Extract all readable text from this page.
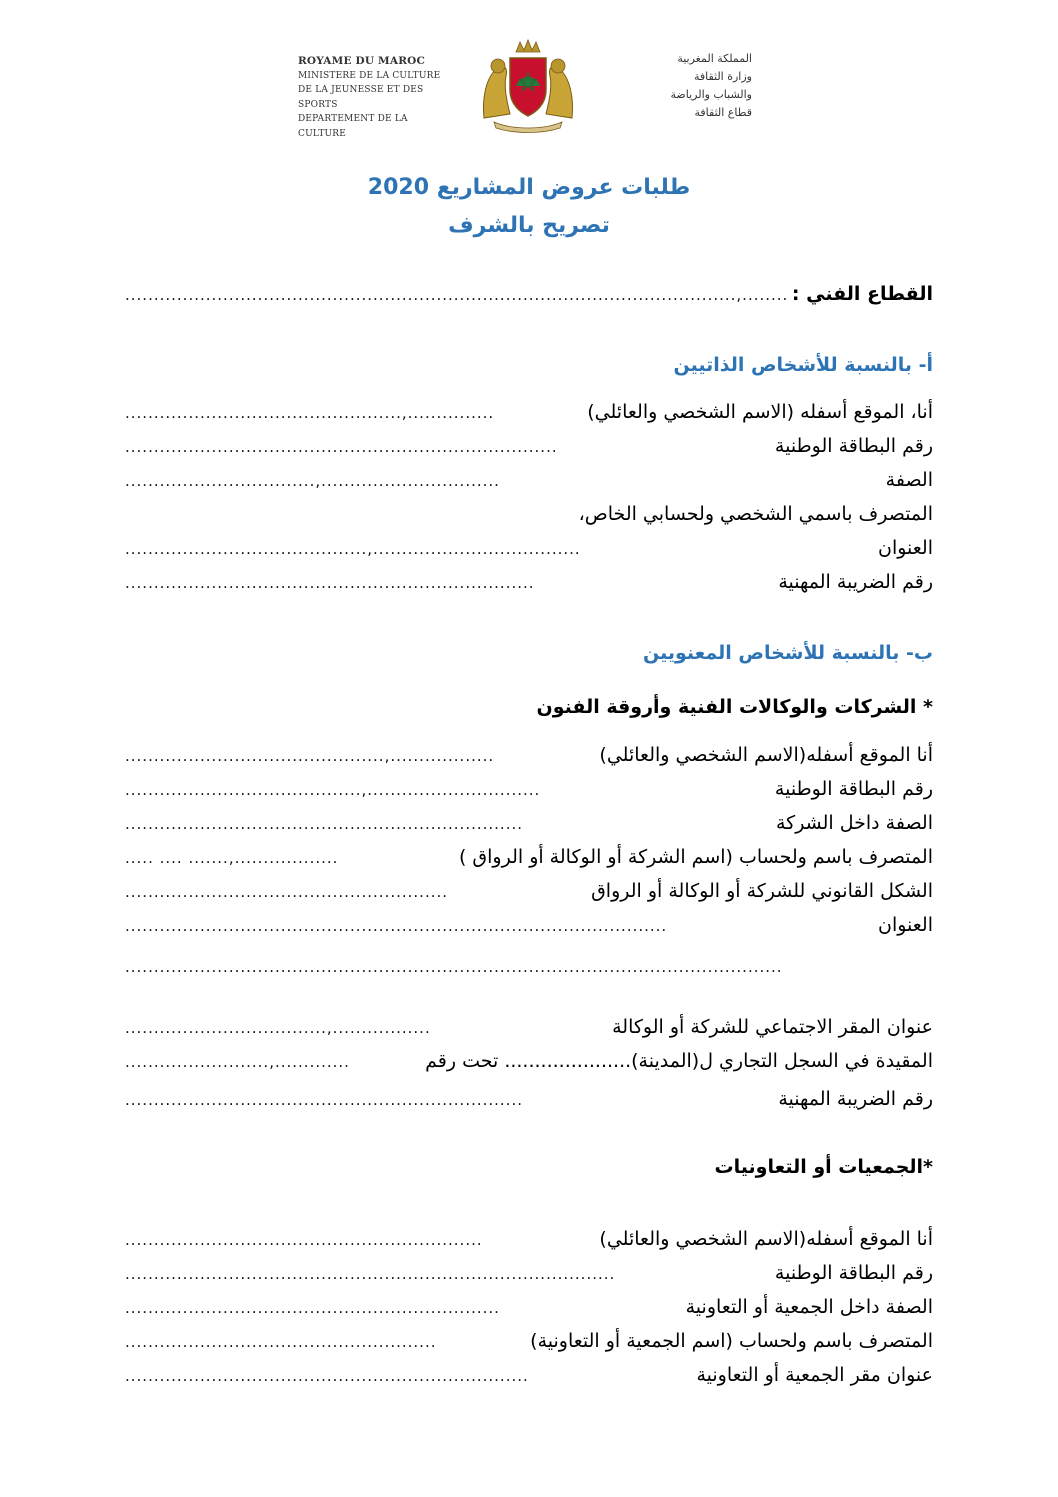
ROYAME DU MAROC
MINISTERE DE LA CULTURE
DE LA JEUNESSE ET DES SPORTS
DEPARTEMENT DE LA CULTURE
المملكة المغربية
وزارة الثقافة
والشباب والرياضة
قطاع الثقافة
طلبات عروض المشاريع 2020
تصريح بالشرف
القطاع الفني :
..........................................................................................................,........
أ- بالنسبة للأشخاص الذاتيين
أنا، الموقع أسفله (الاسم الشخصي والعائلي)
................................................,...............
رقم البطاقة الوطنية
...........................................................................
الصفة
.................................,...............................
المتصرف باسمي الشخصي ولحسابي الخاص،
العنوان
..........................................,....................................
رقم الضريبة المهنية
.......................................................................
ب- بالنسبة للأشخاص المعنويين
* الشركات والوكالات الفنية وأروقة الفنون
أنا الموقع أسفله(الاسم الشخصي والعائلي)
.............................................,..................
رقم البطاقة الوطنية
.........................................,..............................
الصفة داخل الشركة
.....................................................................
المتصرف باسم ولحساب (اسم الشركة أو الوكالة أو الرواق )
..... .... .......,..................
الشكل القانوني للشركة أو الوكالة أو الرواق
........................................................
العنوان
..............................................................................................
..................................................................................................................
عنوان المقر الاجتماعي للشركة أو الوكالة
...................................,.................
المقيدة في السجل التجاري ل(المدينة)..................... تحت رقم
.........................,.............
رقم الضريبة المهنية
.....................................................................
*الجمعيات أو التعاونيات
أنا الموقع أسفله(الاسم الشخصي والعائلي)
..............................................................
رقم البطاقة الوطنية
.....................................................................................
الصفة داخل الجمعية أو التعاونية
.................................................................
المتصرف باسم ولحساب (اسم الجمعية أو التعاونية)
......................................................
عنوان مقر الجمعية أو التعاونية
......................................................................
